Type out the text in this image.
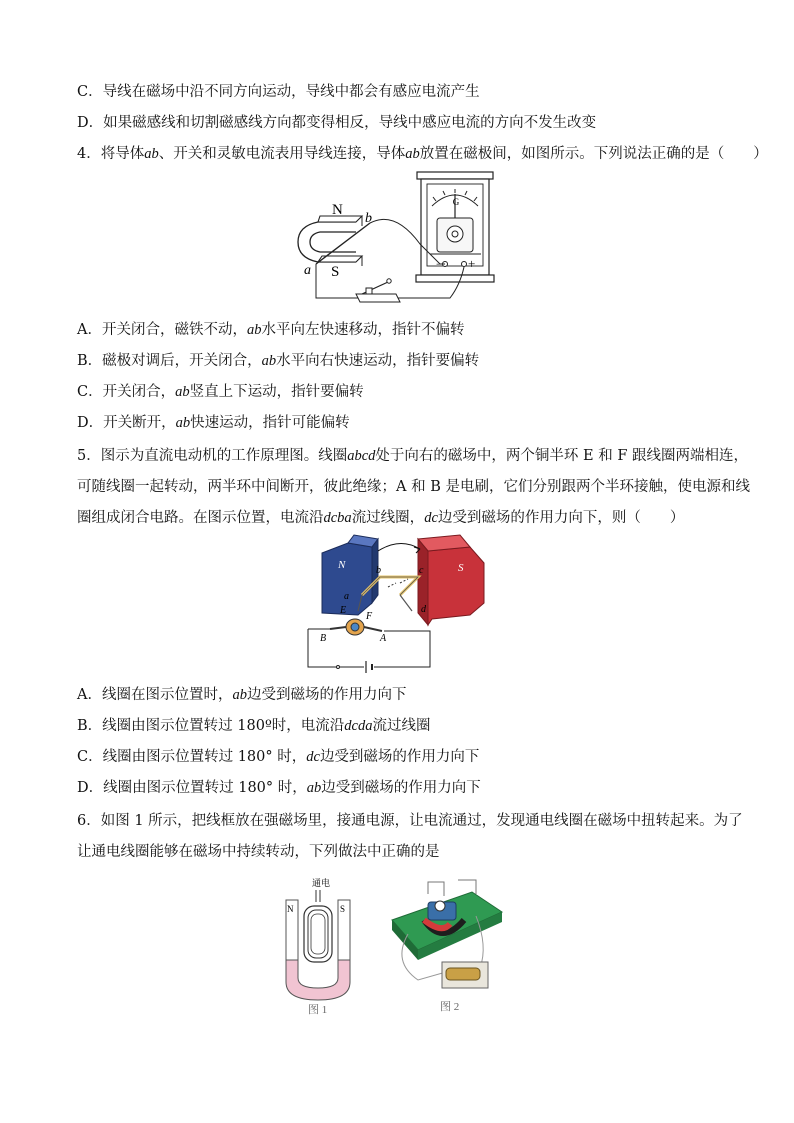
C．导线在磁场中沿不同方向运动，导线中都会有感应电流产生
D．如果磁感线和切割磁感线方向都变得相反，导线中感应电流的方向不发生改变
4．将导体ab、开关和灵敏电流表用导线连接，导体ab放置在磁极间，如图所示。下列说法正确的是（　　）
G
− +
N
S
b
a
A．开关闭合，磁铁不动，ab水平向左快速移动，指针不偏转
B．磁极对调后，开关闭合，ab水平向右快速运动，指针要偏转
C．开关闭合，ab竖直上下运动，指针要偏转
D．开关断开，ab快速运动，指针可能偏转
5．图示为直流电动机的工作原理图。线圈abcd处于向右的磁场中，两个铜半环 E 和 F 跟线圈两端相连，
可随线圈一起转动，两半环中间断开，彼此绝缘；A 和 B 是电刷，它们分别跟两个半环接触，使电源和线
圈组成闭合电路。在图示位置，电流沿dcba流过线圈，dc边受到磁场的作用力向下，则（　　）
N	S
b	c
a
d
E
F
B	A
A．线圈在图示位置时，ab边受到磁场的作用力向下
B．线圈由图示位置转过 180º时，电流沿dcda流过线圈
C．线圈由图示位置转过 180° 时，dc边受到磁场的作用力向下
D．线圈由图示位置转过 180° 时，ab边受到磁场的作用力向下
6．如图 1 所示，把线框放在强磁场里，接通电源，让电流通过，发现通电线圈在磁场中扭转起来。为了
让通电线圈能够在磁场中持续转动，下列做法中正确的是
通电
N	S
图 1	图 2
